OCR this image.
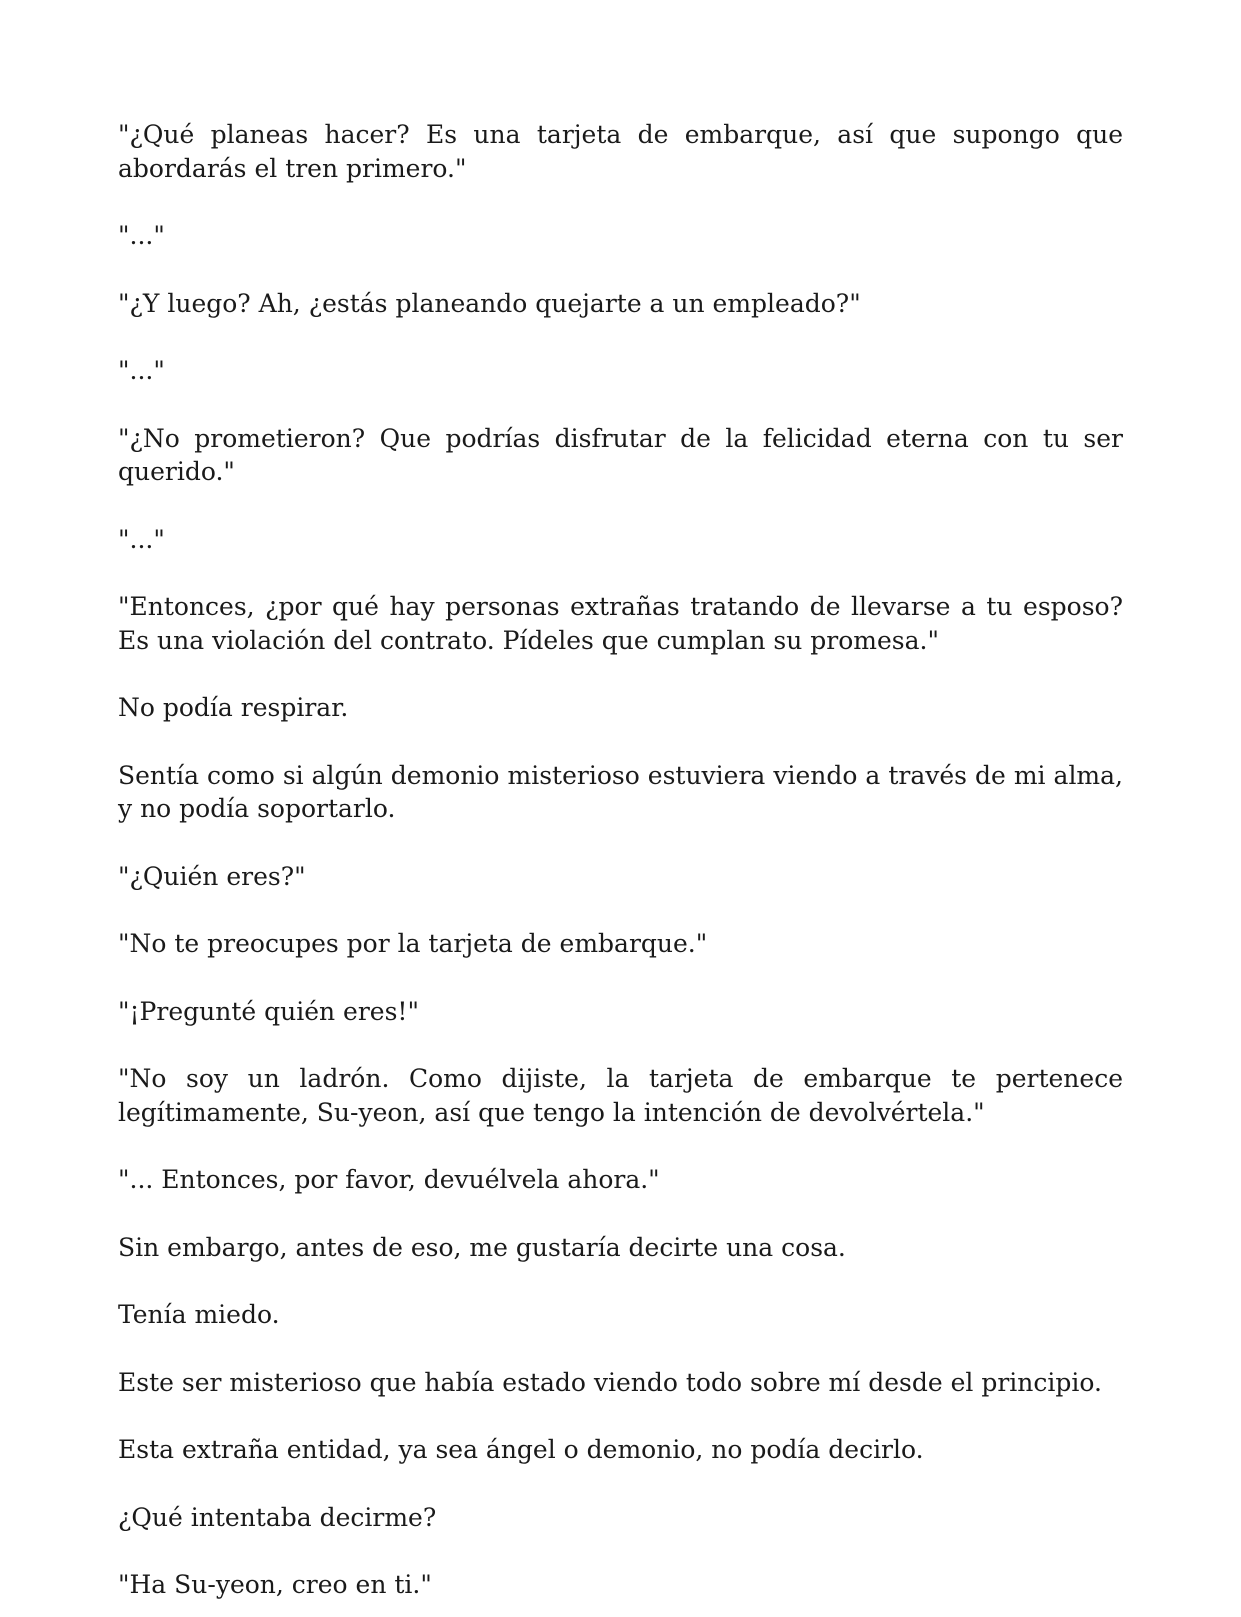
"¿Qué planeas hacer? Es una tarjeta de embarque, así que supongo que abordarás el tren primero."

"..."

"¿Y luego? Ah, ¿estás planeando quejarte a un empleado?"

"..."

"¿No prometieron? Que podrías disfrutar de la felicidad eterna con tu ser querido."

"..."

"Entonces, ¿por qué hay personas extrañas tratando de llevarse a tu esposo? Es una violación del contrato. Pídeles que cumplan su promesa."

No podía respirar.

Sentía como si algún demonio misterioso estuviera viendo a través de mi alma, y no podía soportarlo.

"¿Quién eres?"

"No te preocupes por la tarjeta de embarque."

"¡Pregunté quién eres!"

"No soy un ladrón. Como dijiste, la tarjeta de embarque te pertenece legítimamente, Su-yeon, así que tengo la intención de devolvértela."

"... Entonces, por favor, devuélvela ahora."

Sin embargo, antes de eso, me gustaría decirte una cosa.

Tenía miedo.

Este ser misterioso que había estado viendo todo sobre mí desde el principio.

Esta extraña entidad, ya sea ángel o demonio, no podía decirlo.

¿Qué intentaba decirme?

"Ha Su-yeon, creo en ti."
